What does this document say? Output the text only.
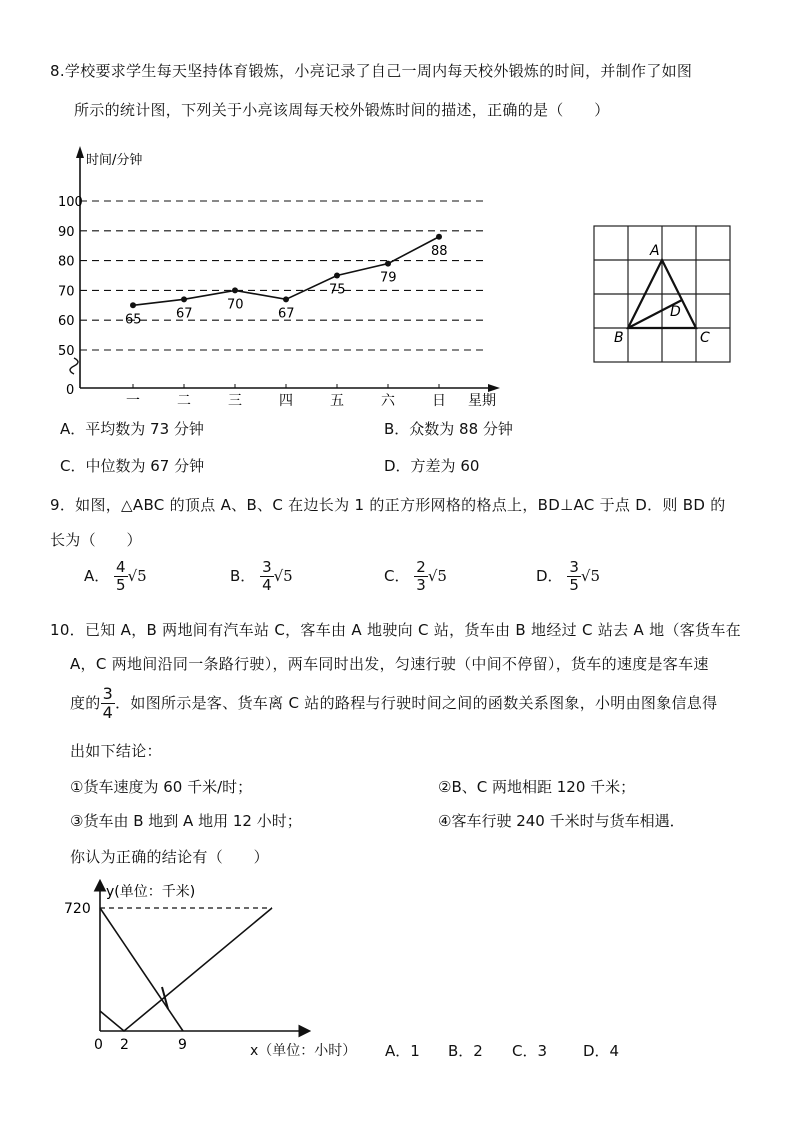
8.学校要求学生每天坚持体育锻炼，小亮记录了自己一周内每天校外锻炼的时间，并制作了如图
所示的统计图，下列关于小亮该周每天校外锻炼时间的描述，正确的是（　　）
时间/分钟
0
50
60
70
80
90
100
一	二	三	四	五	六	日 星期
65	67
70
67
75
79
88
A．平均数为 73 分钟	B．众数为 88 分钟
C．中位数为 67 分钟	D．方差为 60
A
B	C
D
9．如图，△ABC 的顶点 A、B、C 在边长为 1 的正方形网格的格点上，BD⊥AC 于点 D．则 BD 的
长为（　　）
A． $\frac{4}{5} √5$	B． $\frac{3}{4} √5$	C． $\frac{2}{3} √5$	D． $\frac{3}{5} √5$
10．已知 A，B 两地间有汽车站 C，客车由 A 地驶向 C 站，货车由 B 地经过 C 站去 A 地（客货车在
A，C 两地间沿同一条路行驶），两车同时出发，匀速行驶（中间不停留），货车的速度是客车速
度的 $\frac{3}{4}$ ．如图所示是客、货车离 C 站的路程与行驶时间之间的函数关系图象，小明由图象信息得
出如下结论：
①货车速度为 60 千米/时；	②B、C 两地相距 120 千米；
③货车由 B 地到 A 地用 12 小时；	④客车行驶 240 千米时与货车相遇．
你认为正确的结论有（　　）
y(单位：千米)
720
0 2	9	x（单位：小时） A．1 B．2 C．3 D．4
